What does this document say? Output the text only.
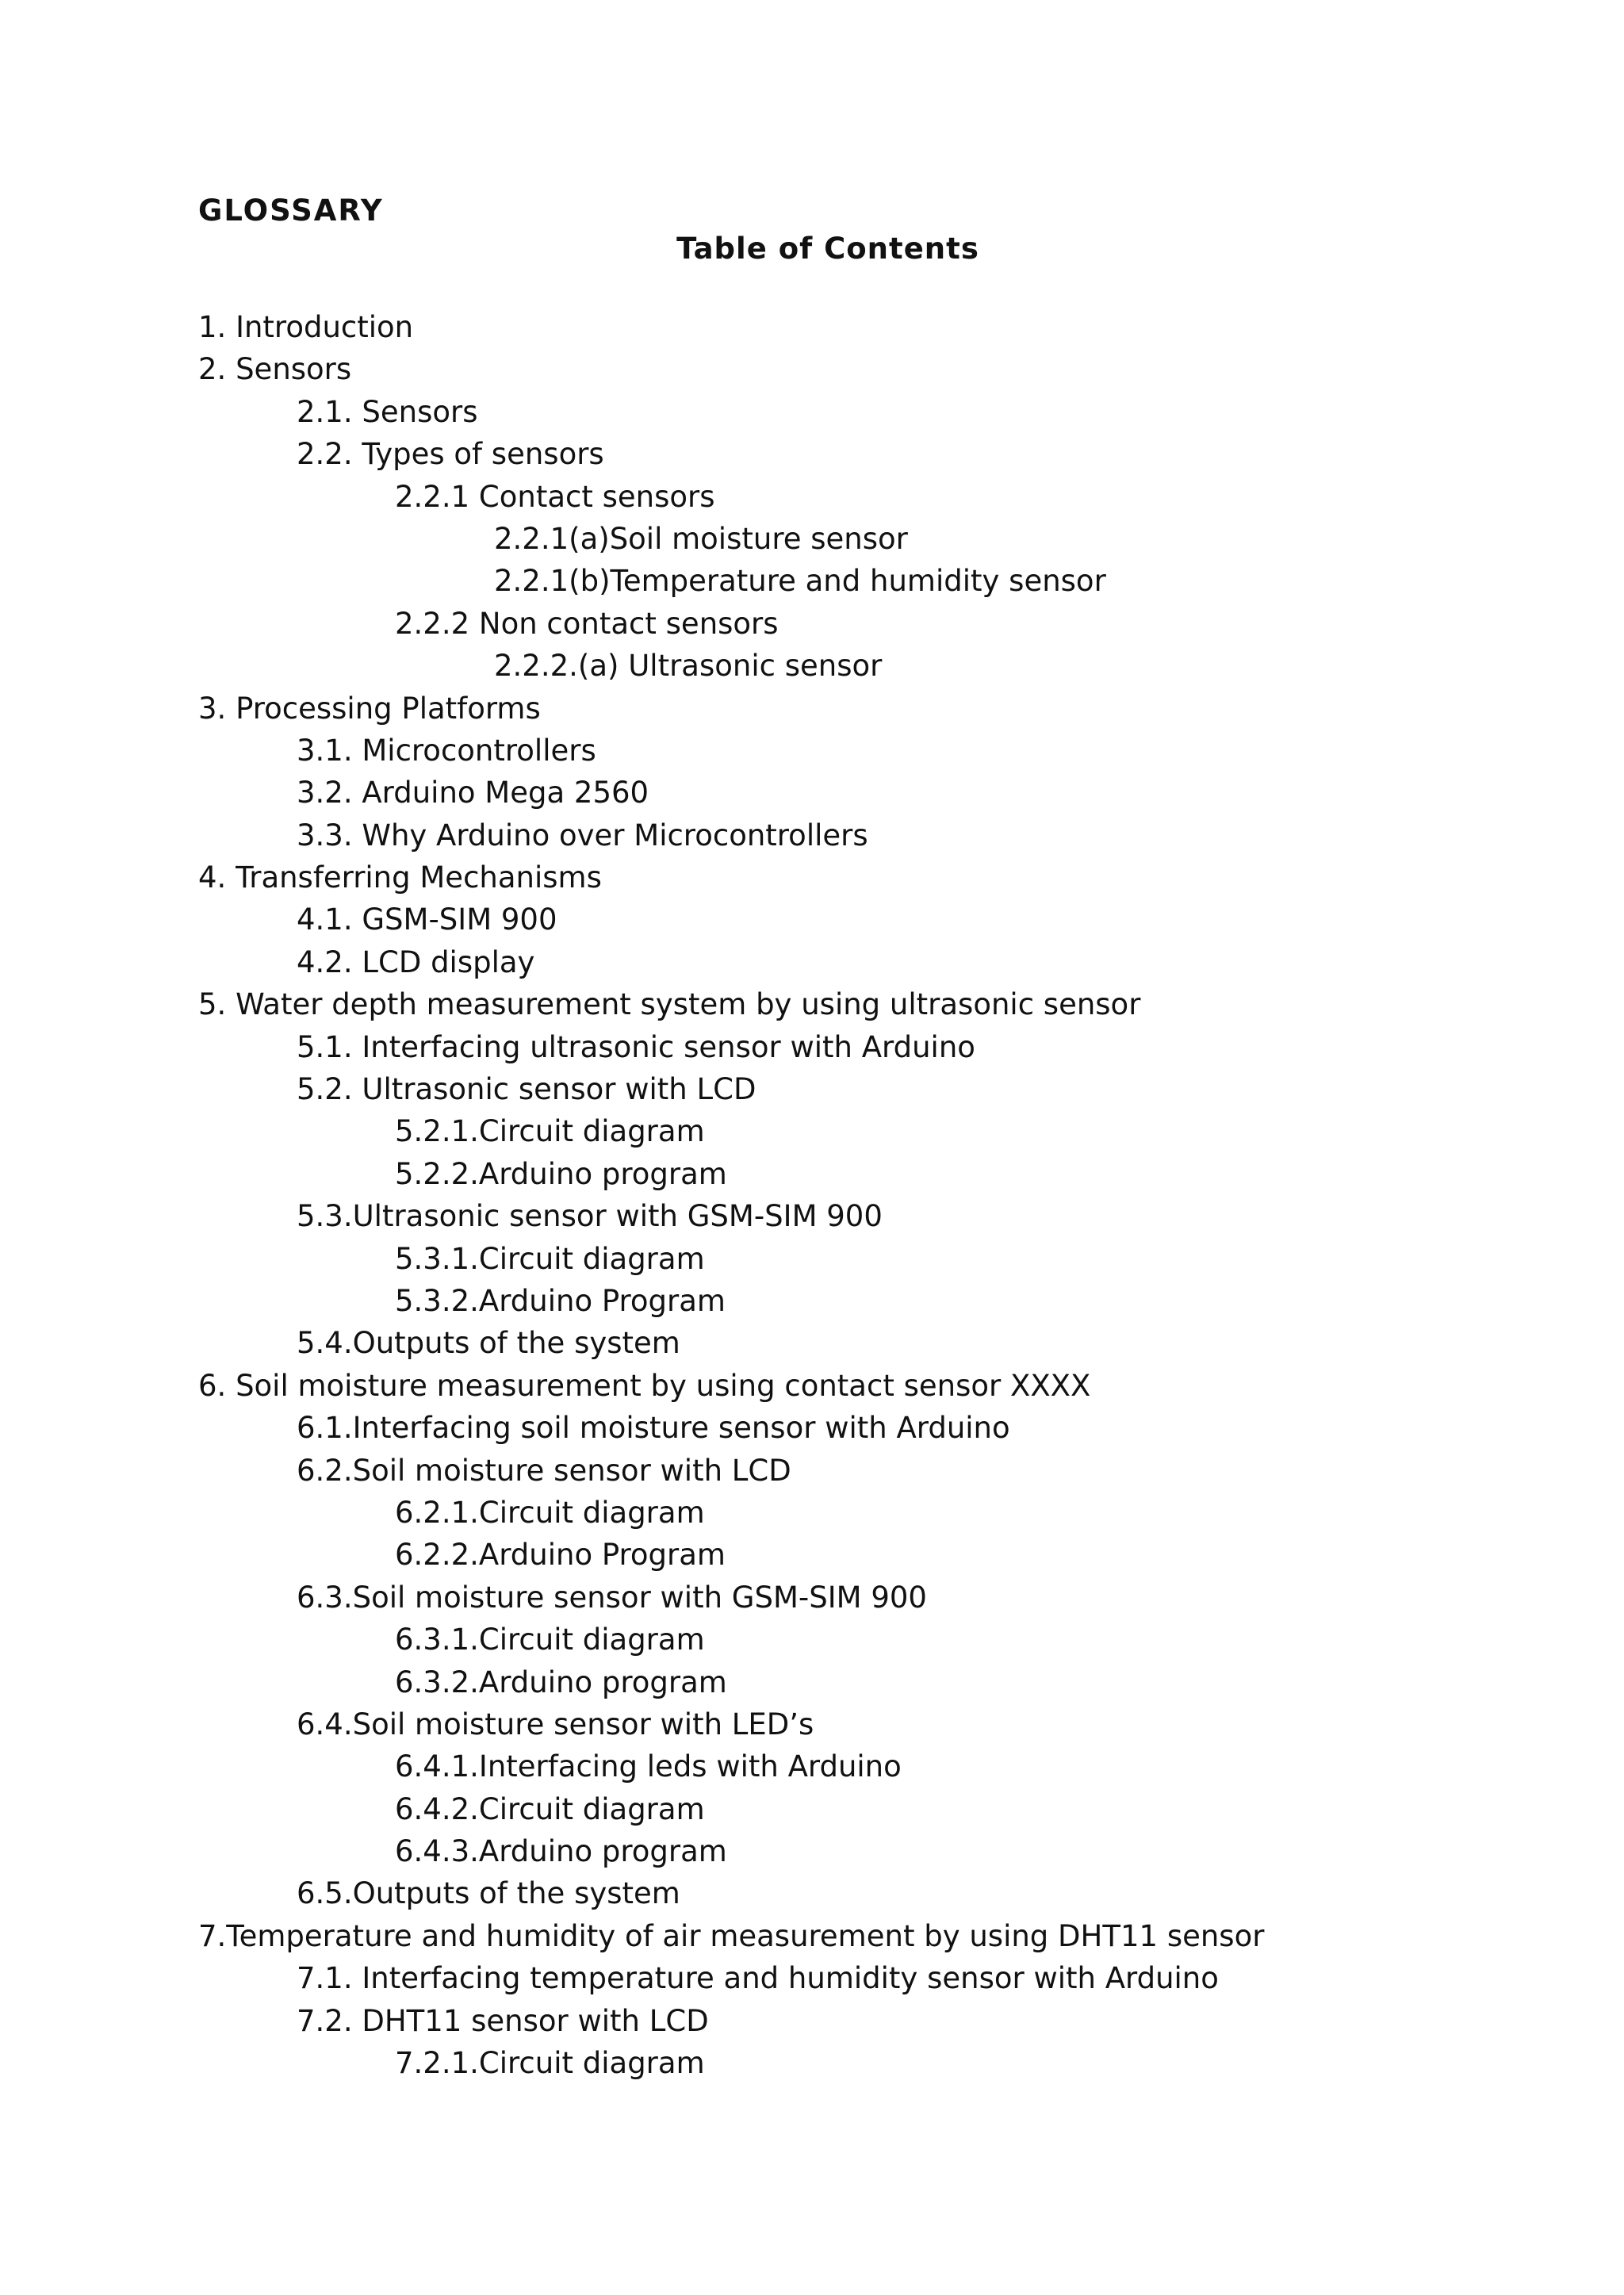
GLOSSARY
Table of Contents
1. Introduction
2. Sensors
2.1. Sensors
2.2. Types of sensors
2.2.1 Contact sensors
2.2.1(a)Soil moisture sensor
2.2.1(b)Temperature and humidity sensor
2.2.2 Non contact sensors
2.2.2.(a) Ultrasonic sensor
3. Processing Platforms
3.1. Microcontrollers
3.2. Arduino Mega 2560
3.3. Why Arduino over Microcontrollers
4. Transferring Mechanisms
4.1. GSM-SIM 900
4.2. LCD display
5. Water depth measurement system by using ultrasonic sensor
5.1. Interfacing ultrasonic sensor with Arduino
5.2. Ultrasonic sensor with LCD
5.2.1.Circuit diagram
5.2.2.Arduino program
5.3.Ultrasonic sensor with GSM-SIM 900
5.3.1.Circuit diagram
5.3.2.Arduino Program
5.4.Outputs of the system
6. Soil moisture measurement by using contact sensor XXXX
6.1.Interfacing soil moisture sensor with Arduino
6.2.Soil moisture sensor with LCD
6.2.1.Circuit diagram
6.2.2.Arduino Program
6.3.Soil moisture sensor with GSM-SIM 900
6.3.1.Circuit diagram
6.3.2.Arduino program
6.4.Soil moisture sensor with LED’s
6.4.1.Interfacing leds with Arduino
6.4.2.Circuit diagram
6.4.3.Arduino program
6.5.Outputs of the system
7.Temperature and humidity of air measurement by using DHT11 sensor
7.1. Interfacing temperature and humidity sensor with Arduino
7.2. DHT11 sensor with LCD
7.2.1.Circuit diagram
